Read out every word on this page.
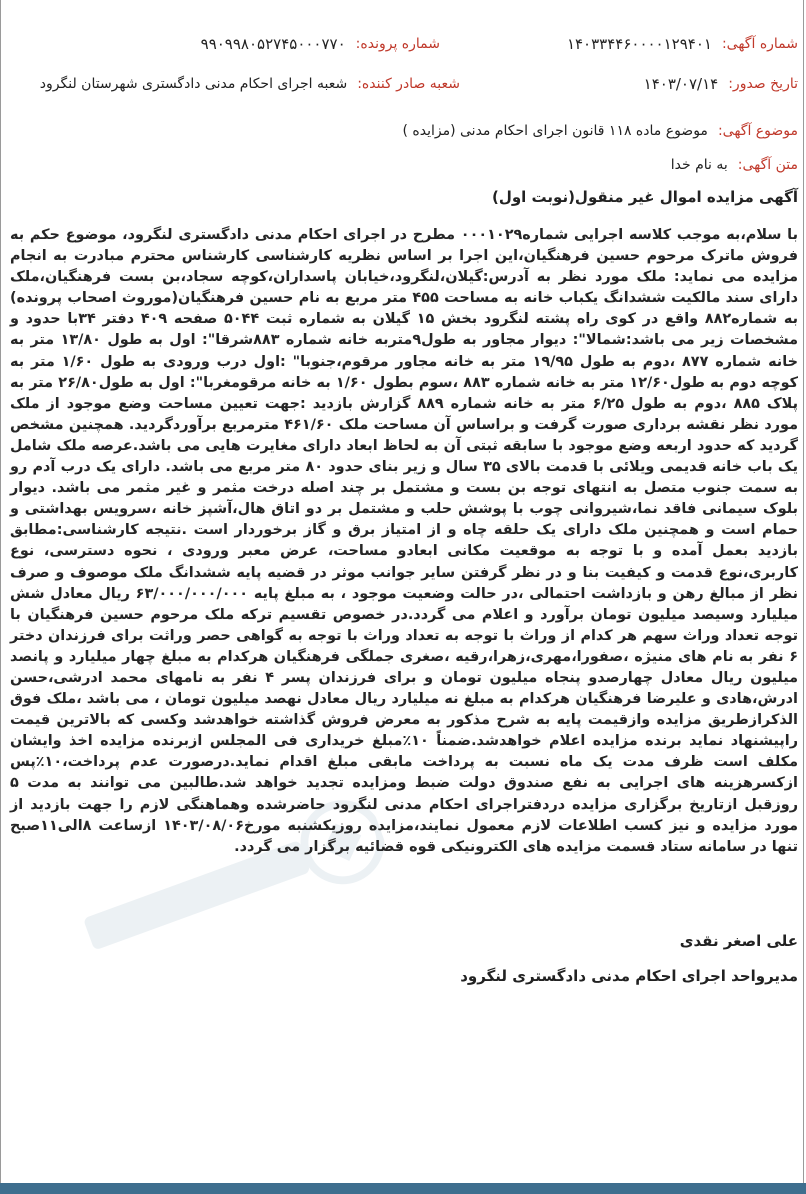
شماره آگهی:
۱۴۰۳۳۴۴۶۰۰۰۰۱۲۹۴۰۱
شماره پرونده:
۹۹۰۹۹۸۰۵۲۷۴۵۰۰۰۷۷۰
تاریخ صدور:
۱۴۰۳/۰۷/۱۴
شعبه صادر کننده:
شعبه اجرای احکام مدنی دادگستری شهرستان لنگرود
موضوع آگهی:
موضوع ماده ۱۱۸ قانون اجرای احکام مدنی (مزایده )
متن آگهی:
به نام خدا
آگهی مزایده اموال غیر منقول(نوبت اول)
با سلام،به موجب کلاسه اجرایی شماره۰۰۰۱۰۲۹ مطرح در اجرای احکام مدنی دادگستری لنگرود، موضوع حکم به فروش ماترک مرحوم حسین فرهنگیان،این اجرا بر اساس نظریه کارشناسی کارشناس محترم مبادرت به انجام مزایده می نماید: ملک مورد نظر به آدرس:گیلان،لنگرود،خیابان پاسداران،کوچه سجاد،بن بست فرهنگیان،ملک دارای سند مالکیت ششدانگ یکباب خانه به مساحت ۴۵۵ متر مربع به نام حسین فرهنگیان(موروث اصحاب پرونده) به شماره۸۸۲ واقع در کوی راه پشته لنگرود بخش ۱۵ گیلان به شماره ثبت ۵۰۴۴ صفحه ۴۰۹ دفتر ۳۴با حدود و مشخصات زیر می باشد:شمالا": دیوار مجاور به طول۹متربه خانه شماره ۸۸۳شرقا": اول به طول ۱۳/۸۰ متر به خانه شماره ۸۷۷ ،دوم به طول ۱۹/۹۵ متر به خانه مجاور مرقوم،جنوبا" :اول درب ورودی به طول ۱/۶۰ متر به کوچه دوم به طول۱۲/۶۰ متر به خانه شماره ۸۸۳ ،سوم بطول ۱/۶۰ به خانه مرقومغربا": اول به طول۲۶/۸۰ متر به پلاک ۸۸۵ ،دوم به طول ۶/۲۵ متر به خانه شماره ۸۸۹ گزارش بازدید :جهت تعیین مساحت وضع موجود از ملک مورد نظر نقشه برداری صورت گرفت و براساس آن مساحت ملک ۴۶۱/۶۰ مترمربع برآوردگردید. همچنین مشخص گردید که حدود اربعه وضع موجود با سابقه ثبتی آن به لحاظ ابعاد دارای مغایرت هایی می باشد.عرصه ملک شامل یک باب خانه قدیمی ویلائی با قدمت بالای ۳۵ سال و زیر بنای حدود ۸۰ متر مربع می باشد. دارای یک درب آدم رو به سمت جنوب متصل به انتهای توجه بن بست و مشتمل بر چند اصله درخت مثمر و غیر مثمر می باشد. دیوار بلوک سیمانی فاقد نما،شیروانی چوب با پوشش حلب و مشتمل بر دو اتاق هال،آشپز خانه ،سرویس بهداشتی و حمام است و همچنین ملک دارای یک حلقه چاه و از امتیاز برق و گاز برخوردار است .نتیجه کارشناسی:مطابق بازدید بعمل آمده و با توجه به موقعیت مکانی ابعادو مساحت، عرض معبر ورودی ، نحوه دسترسی، نوع کاربری،نوع قدمت و کیفیت بنا و در نظر گرفتن سایر جوانب موثر در قضیه پایه ششدانگ ملک موصوف و صرف نظر از مبالغ رهن و بازداشت احتمالی ،در حالت وضعیت موجود ، به مبلغ پایه ۶۳/۰۰۰/۰۰۰/۰۰۰ ریال معادل شش میلیارد وسیصد میلیون تومان برآورد و اعلام می گردد.در خصوص تقسیم ترکه ملک مرحوم حسین فرهنگیان با توجه تعداد وراث سهم هر کدام از وراث با توجه به تعداد وراث با توجه به گواهی حصر وراثت برای فرزندان دختر ۶ نفر به نام های منیژه ،صفورا،مهری،زهرا،رقیه ،صغری جملگی فرهنگیان هرکدام به مبلغ چهار میلیارد و پانصد میلیون ریال معادل چهارصدو پنجاه میلیون تومان و برای فرزندان پسر ۴ نفر به نامهای محمد ادرشی،حسن ادرش،هادی و علیرضا فرهنگیان هرکدام به مبلغ نه میلیارد ریال معادل نهصد میلیون تومان ، می باشد ،ملک فوق الذکرازطریق مزایده وازقیمت پایه به شرح مذکور به معرض فروش گذاشته خواهدشد وکسی که بالاترین قیمت راپیشنهاد نماید برنده مزایده اعلام خواهدشد.ضمناً ۱۰٪مبلغ خریداری فی المجلس ازبرنده مزایده اخذ وایشان مکلف است ظرف مدت یک ماه نسبت به پرداخت مابقی مبلغ اقدام نماید.درصورت عدم پرداخت،۱۰٪پس ازکسرهزینه های اجرایی به نفع صندوق دولت ضبط ومزایده تجدید خواهد شد.طالبین می توانند به مدت ۵ روزقبل ازتاریخ برگزاری مزایده دردفتراجرای احکام مدنی لنگرود حاضرشده وهماهنگی لازم را جهت بازدید از مورد مزایده و نیز کسب اطلاعات لازم معمول نمایند،مزایده روزیکشنبه مورخ۱۴۰۳/۰۸/۰۶ ازساعت ۸الی۱۱صبح تنها در سامانه ستاد قسمت مزایده های الکترونیکی قوه قضائیه برگزار می گردد.
علی اصغر نقدی
مدیرواحد اجرای احکام مدنی دادگستری لنگرود
